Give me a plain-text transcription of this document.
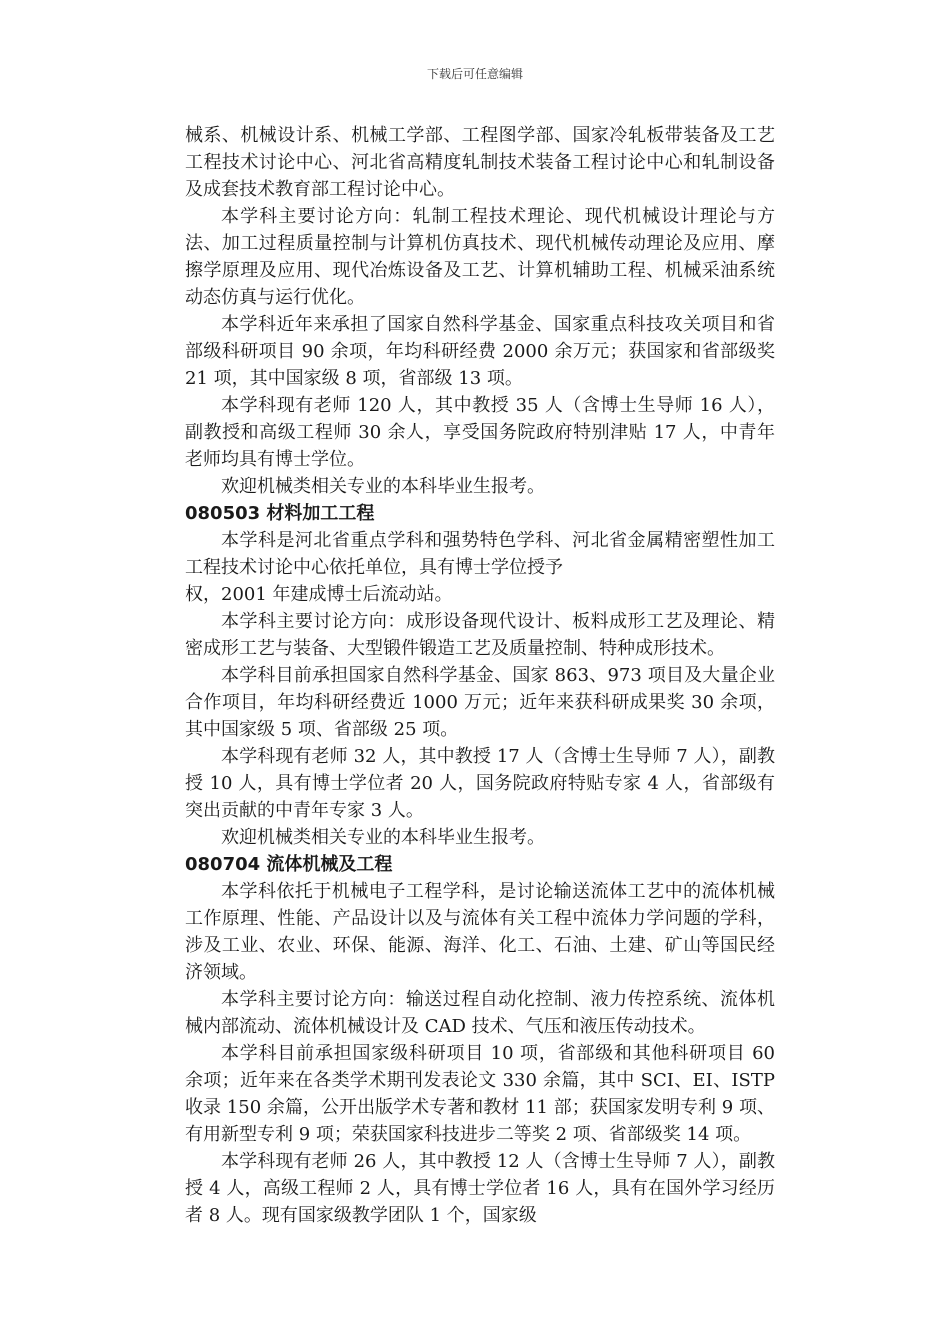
下载后可任意编辑

械系、机械设计系、机械工学部、工程图学部、国家冷轧板带装备及工艺工程技术讨论中心、河北省高精度轧制技术装备工程讨论中心和轧制设备及成套技术教育部工程讨论中心。

本学科主要讨论方向：轧制工程技术理论、现代机械设计理论与方法、加工过程质量控制与计算机仿真技术、现代机械传动理论及应用、摩擦学原理及应用、现代冶炼设备及工艺、计算机辅助工程、机械采油系统动态仿真与运行优化。

本学科近年来承担了国家自然科学基金、国家重点科技攻关项目和省部级科研项目 90 余项，年均科研经费 2000 余万元；获国家和省部级奖 21 项，其中国家级 8 项，省部级 13 项。

本学科现有老师 120 人，其中教授 35 人（含博士生导师 16 人），副教授和高级工程师 30 余人，享受国务院政府特别津贴 17 人，中青年老师均具有博士学位。

欢迎机械类相关专业的本科毕业生报考。

080503 材料加工工程

本学科是河北省重点学科和强势特色学科、河北省金属精密塑性加工工程技术讨论中心依托单位，具有博士学位授予

权，2001 年建成博士后流动站。

本学科主要讨论方向：成形设备现代设计、板料成形工艺及理论、精密成形工艺与装备、大型锻件锻造工艺及质量控制、特种成形技术。

本学科目前承担国家自然科学基金、国家 863、973 项目及大量企业合作项目，年均科研经费近 1000 万元；近年来获科研成果奖 30 余项，其中国家级 5 项、省部级 25 项。

本学科现有老师 32 人，其中教授 17 人（含博士生导师 7 人），副教授 10 人，具有博士学位者 20 人，国务院政府特贴专家 4 人，省部级有突出贡献的中青年专家 3 人。

欢迎机械类相关专业的本科毕业生报考。

080704 流体机械及工程

本学科依托于机械电子工程学科，是讨论输送流体工艺中的流体机械工作原理、性能、产品设计以及与流体有关工程中流体力学问题的学科，涉及工业、农业、环保、能源、海洋、化工、石油、土建、矿山等国民经济领域。

本学科主要讨论方向：输送过程自动化控制、液力传控系统、流体机械内部流动、流体机械设计及 CAD 技术、气压和液压传动技术。

本学科目前承担国家级科研项目 10 项，省部级和其他科研项目 60 余项；近年来在各类学术期刊发表论文 330 余篇，其中 SCI、EI、ISTP 收录 150 余篇，公开出版学术专著和教材 11 部；获国家发明专利 9 项、有用新型专利 9 项；荣获国家科技进步二等奖 2 项、省部级奖 14 项。

本学科现有老师 26 人，其中教授 12 人（含博士生导师 7 人），副教授 4 人，高级工程师 2 人，具有博士学位者 16 人，具有在国外学习经历者 8 人。现有国家级教学团队 1 个，国家级
